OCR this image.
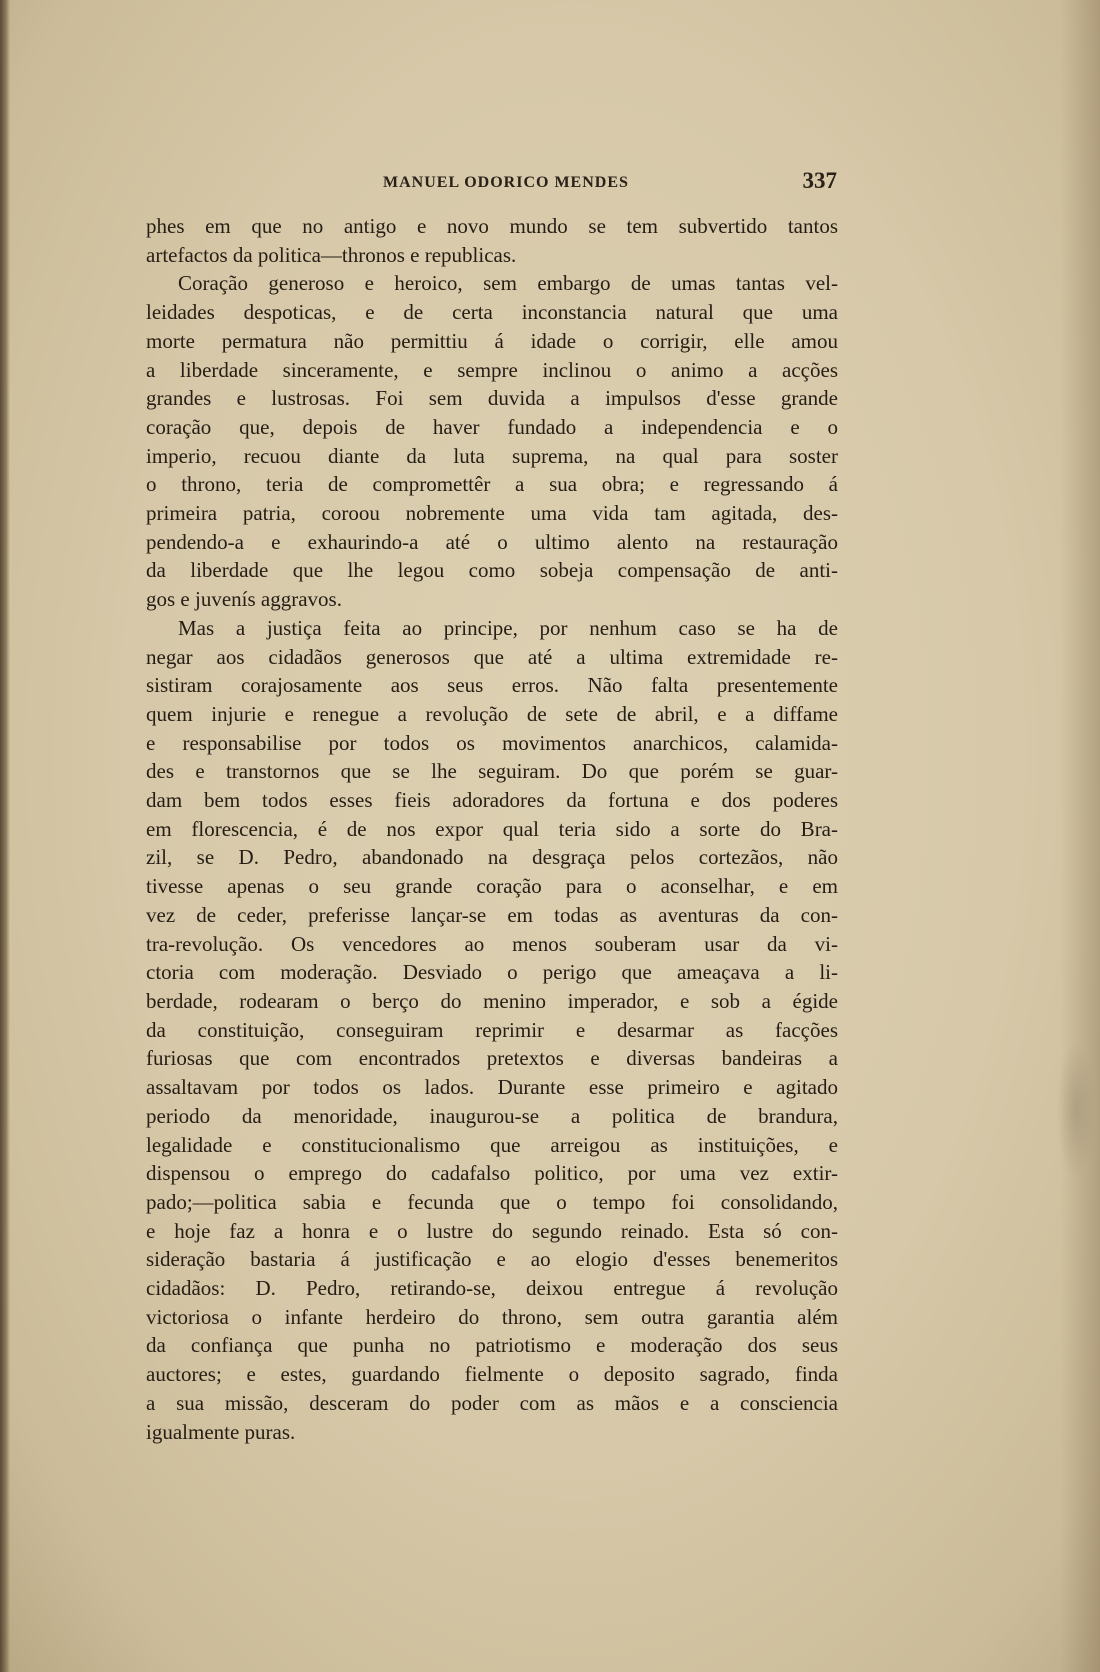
MANUEL ODORICO MENDES	337
phes em que no antigo e novo mundo se tem subvertido tantos
artefactos da politica—thronos e republicas.
Coração generoso e heroico, sem embargo de umas tantas vel-
leidades despoticas, e de certa inconstancia natural que uma
morte permatura não permittiu á idade o corrigir, elle amou
a liberdade sinceramente, e sempre inclinou o animo a acções
grandes e lustrosas. Foi sem duvida a impulsos d'esse grande
coração que, depois de haver fundado a independencia e o
imperio, recuou diante da luta suprema, na qual para soster
o throno, teria de compromettêr a sua obra; e regressando á
primeira patria, coroou nobremente uma vida tam agitada, des-
pendendo-a e exhaurindo-a até o ultimo alento na restauração
da liberdade que lhe legou como sobeja compensação de anti-
gos e juvenís aggravos.
Mas a justiça feita ao principe, por nenhum caso se ha de
negar aos cidadãos generosos que até a ultima extremidade re-
sistiram corajosamente aos seus erros. Não falta presentemente
quem injurie e renegue a revolução de sete de abril, e a diffame
e responsabilise por todos os movimentos anarchicos, calamida-
des e transtornos que se lhe seguiram. Do que porém se guar-
dam bem todos esses fieis adoradores da fortuna e dos poderes
em florescencia, é de nos expor qual teria sido a sorte do Bra-
zil, se D. Pedro, abandonado na desgraça pelos cortezãos, não
tivesse apenas o seu grande coração para o aconselhar, e em
vez de ceder, preferisse lançar-se em todas as aventuras da con-
tra-revolução. Os vencedores ao menos souberam usar da vi-
ctoria com moderação. Desviado o perigo que ameaçava a li-
berdade, rodearam o berço do menino imperador, e sob a égide
da constituição, conseguiram reprimir e desarmar as facções
furiosas que com encontrados pretextos e diversas bandeiras a
assaltavam por todos os lados. Durante esse primeiro e agitado
periodo da menoridade, inaugurou-se a politica de brandura,
legalidade e constitucionalismo que arreigou as instituições, e
dispensou o emprego do cadafalso politico, por uma vez extir-
pado;—politica sabia e fecunda que o tempo foi consolidando,
e hoje faz a honra e o lustre do segundo reinado. Esta só con-
sideração bastaria á justificação e ao elogio d'esses benemeritos
cidadãos: D. Pedro, retirando-se, deixou entregue á revolução
victoriosa o infante herdeiro do throno, sem outra garantia além
da confiança que punha no patriotismo e moderação dos seus
auctores; e estes, guardando fielmente o deposito sagrado, finda
a sua missão, desceram do poder com as mãos e a consciencia
igualmente puras.
